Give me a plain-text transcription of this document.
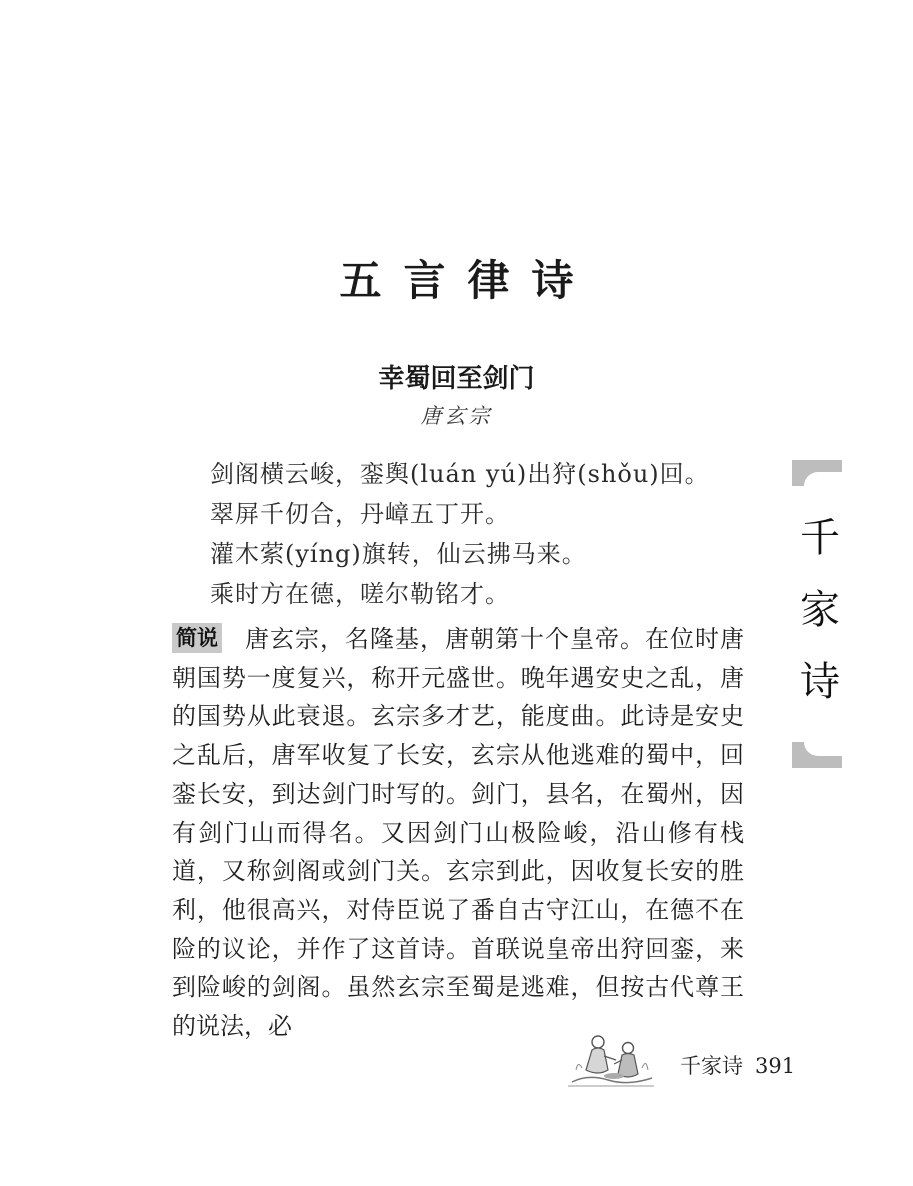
五言律诗
幸蜀回至剑门
唐玄宗
剑阁横云峻，銮舆(luán yú)出狩(shǒu)回。
翠屏千仞合，丹嶂五丁开。
灌木萦(yíng)旗转，仙云拂马来。
乘时方在德，嗟尔勒铭才。
简说 唐玄宗，名隆基，唐朝第十个皇帝。在位时唐朝国势一度复兴，称开元盛世。晚年遇安史之乱，唐的国势从此衰退。玄宗多才艺，能度曲。此诗是安史之乱后，唐军收复了长安，玄宗从他逃难的蜀中，回銮长安，到达剑门时写的。剑门，县名，在蜀州，因有剑门山而得名。又因剑门山极险峻，沿山修有栈道，又称剑阁或剑门关。玄宗到此，因收复长安的胜利，他很高兴，对侍臣说了番自古守江山，在德不在险的议论，并作了这首诗。首联说皇帝出狩回銮，来到险峻的剑阁。虽然玄宗至蜀是逃难，但按古代尊王的说法，必
千家诗
千家诗 391
